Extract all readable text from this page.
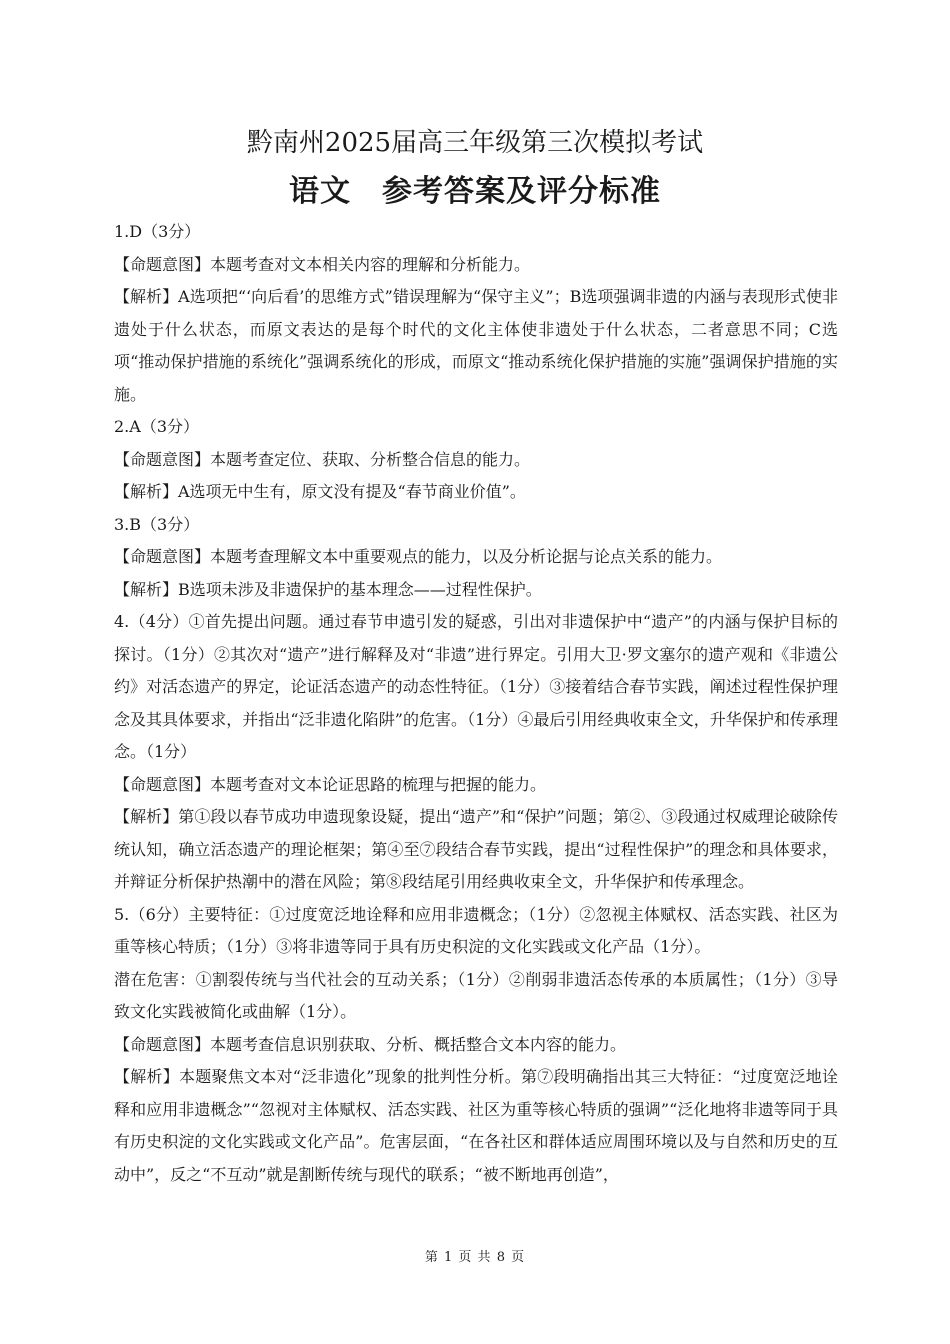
黔南州2025届高三年级第三次模拟考试
语文　参考答案及评分标准

1.D（3分）

【命题意图】本题考查对文本相关内容的理解和分析能力。

【解析】A选项把“‘向后看’的思维方式”错误理解为“保守主义”；B选项强调非遗的内涵与表现形式使非遗处于什么状态，而原文表达的是每个时代的文化主体使非遗处于什么状态，二者意思不同；C选项“推动保护措施的系统化”强调系统化的形成，而原文“推动系统化保护措施的实施”强调保护措施的实施。

2.A（3分）

【命题意图】本题考查定位、获取、分析整合信息的能力。

【解析】A选项无中生有，原文没有提及“春节商业价值”。

3.B（3分）

【命题意图】本题考查理解文本中重要观点的能力，以及分析论据与论点关系的能力。

【解析】B选项未涉及非遗保护的基本理念——过程性保护。

4.（4分）①首先提出问题。通过春节申遗引发的疑惑，引出对非遗保护中“遗产”的内涵与保护目标的探讨。（1分）②其次对“遗产”进行解释及对“非遗”进行界定。引用大卫·罗文塞尔的遗产观和《非遗公约》对活态遗产的界定，论证活态遗产的动态性特征。（1分）③接着结合春节实践，阐述过程性保护理念及其具体要求，并指出“泛非遗化陷阱”的危害。（1分）④最后引用经典收束全文，升华保护和传承理念。（1分）

【命题意图】本题考查对文本论证思路的梳理与把握的能力。

【解析】第①段以春节成功申遗现象设疑，提出“遗产”和“保护”问题；第②、③段通过权威理论破除传统认知，确立活态遗产的理论框架；第④至⑦段结合春节实践，提出“过程性保护”的理念和具体要求，并辩证分析保护热潮中的潜在风险；第⑧段结尾引用经典收束全文，升华保护和传承理念。

5.（6分）主要特征：①过度宽泛地诠释和应用非遗概念；（1分）②忽视主体赋权、活态实践、社区为重等核心特质；（1分）③将非遗等同于具有历史积淀的文化实践或文化产品（1分）。

潜在危害：①割裂传统与当代社会的互动关系；（1分）②削弱非遗活态传承的本质属性；（1分）③导致文化实践被简化或曲解（1分）。

【命题意图】本题考查信息识别获取、分析、概括整合文本内容的能力。

【解析】本题聚焦文本对“泛非遗化”现象的批判性分析。第⑦段明确指出其三大特征：“过度宽泛地诠释和应用非遗概念”“忽视对主体赋权、活态实践、社区为重等核心特质的强调”“泛化地将非遗等同于具有历史积淀的文化实践或文化产品”。危害层面，“在各社区和群体适应周围环境以及与自然和历史的互动中”，反之“不互动”就是割断传统与现代的联系；“被不断地再创造”，

第 1 页 共 8 页
